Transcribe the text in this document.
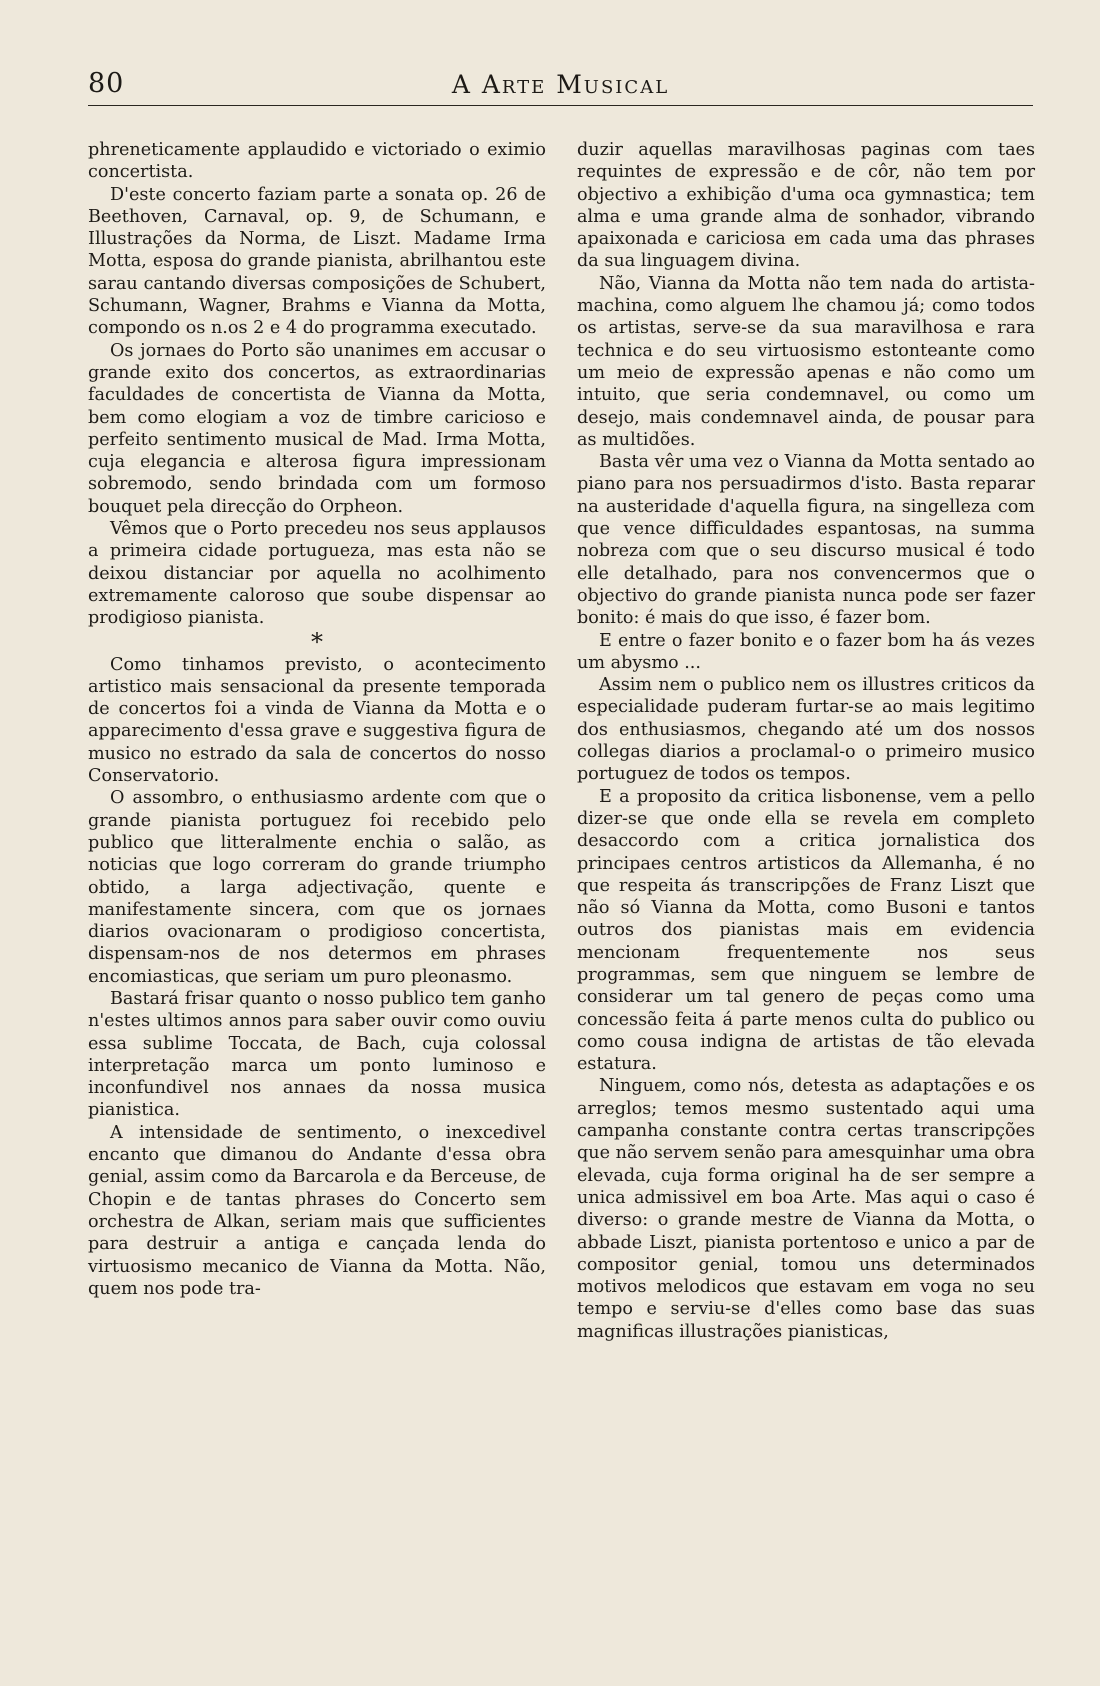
80	A Arte Musical

phreneticamente applaudido e victoriado o eximio concertista.

D'este concerto faziam parte a sonata op. 26 de Beethoven, Carnaval, op. 9, de Schumann, e Illustrações da Norma, de Liszt. Madame Irma Motta, esposa do grande pianista, abrilhantou este sarau cantando diversas composições de Schubert, Schumann, Wagner, Brahms e Vianna da Motta, compondo os n.os 2 e 4 do programma executado.

Os jornaes do Porto são unanimes em accusar o grande exito dos concertos, as extraordinarias faculdades de concertista de Vianna da Motta, bem como elogiam a voz de timbre caricioso e perfeito sentimento musical de Mad. Irma Motta, cuja elegancia e alterosa figura impressionam sobremodo, sendo brindada com um formoso bouquet pela direcção do Orpheon.

Vêmos que o Porto precedeu nos seus applausos a primeira cidade portugueza, mas esta não se deixou distanciar por aquella no acolhimento extremamente caloroso que soube dispensar ao prodigioso pianista.

*

Como tinhamos previsto, o acontecimento artistico mais sensacional da presente temporada de concertos foi a vinda de Vianna da Motta e o apparecimento d'essa grave e suggestiva figura de musico no estrado da sala de concertos do nosso Conservatorio.

O assombro, o enthusiasmo ardente com que o grande pianista portuguez foi recebido pelo publico que litteralmente enchia o salão, as noticias que logo correram do grande triumpho obtido, a larga adjectivação, quente e manifestamente sincera, com que os jornaes diarios ovacionaram o prodigioso concertista, dispensam-nos de nos determos em phrases encomiasticas, que seriam um puro pleonasmo.

Bastará frisar quanto o nosso publico tem ganho n'estes ultimos annos para saber ouvir como ouviu essa sublime Toccata, de Bach, cuja colossal interpretação marca um ponto luminoso e inconfundivel nos annaes da nossa musica pianistica.

A intensidade de sentimento, o inexcedivel encanto que dimanou do Andante d'essa obra genial, assim como da Barcarola e da Berceuse, de Chopin e de tantas phrases do Concerto sem orchestra de Alkan, seriam mais que sufficientes para destruir a antiga e cançada lenda do virtuosismo mecanico de Vianna da Motta. Não, quem nos pode tra-

duzir aquellas maravilhosas paginas com taes requintes de expressão e de côr, não tem por objectivo a exhibição d'uma oca gymnastica; tem alma e uma grande alma de sonhador, vibrando apaixonada e cariciosa em cada uma das phrases da sua linguagem divina.

Não, Vianna da Motta não tem nada do artista-machina, como alguem lhe chamou já; como todos os artistas, serve-se da sua maravilhosa e rara technica e do seu virtuosismo estonteante como um meio de expressão apenas e não como um intuito, que seria condemnavel, ou como um desejo, mais condemnavel ainda, de pousar para as multidões.

Basta vêr uma vez o Vianna da Motta sentado ao piano para nos persuadirmos d'isto. Basta reparar na austeridade d'aquella figura, na singelleza com que vence difficuldades espantosas, na summa nobreza com que o seu discurso musical é todo elle detalhado, para nos convencermos que o objectivo do grande pianista nunca pode ser fazer bonito: é mais do que isso, é fazer bom.

E entre o fazer bonito e o fazer bom ha ás vezes um abysmo ...

Assim nem o publico nem os illustres criticos da especialidade puderam furtar-se ao mais legitimo dos enthusiasmos, chegando até um dos nossos collegas diarios a proclamal-o o primeiro musico portuguez de todos os tempos.

E a proposito da critica lisbonense, vem a pello dizer-se que onde ella se revela em completo desaccordo com a critica jornalistica dos principaes centros artisticos da Allemanha, é no que respeita ás transcripções de Franz Liszt que não só Vianna da Motta, como Busoni e tantos outros dos pianistas mais em evidencia mencionam frequentemente nos seus programmas, sem que ninguem se lembre de considerar um tal genero de peças como uma concessão feita á parte menos culta do publico ou como cousa indigna de artistas de tão elevada estatura.

Ninguem, como nós, detesta as adaptações e os arreglos; temos mesmo sustentado aqui uma campanha constante contra certas transcripções que não servem senão para amesquinhar uma obra elevada, cuja forma original ha de ser sempre a unica admissivel em boa Arte. Mas aqui o caso é diverso: o grande mestre de Vianna da Motta, o abbade Liszt, pianista portentoso e unico a par de compositor genial, tomou uns determinados motivos melodicos que estavam em voga no seu tempo e serviu-se d'elles como base das suas magnificas illustrações pianisticas,
